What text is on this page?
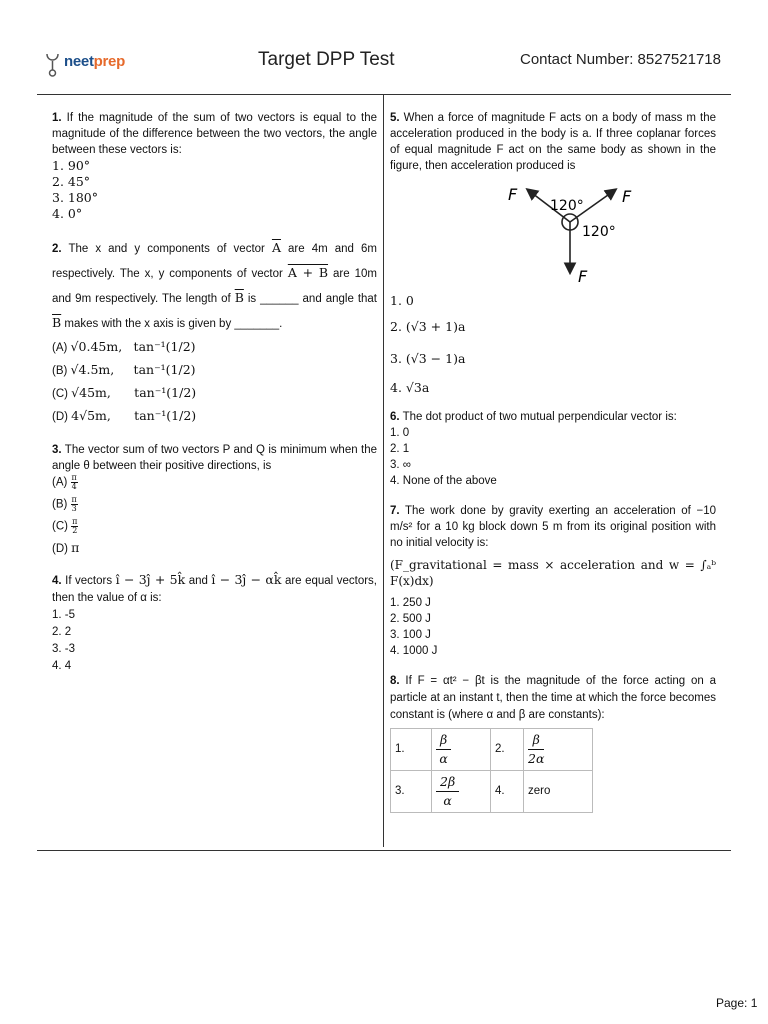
neetprep	Target DPP Test	Contact Number: 8527521718
1. If the magnitude of the sum of two vectors is equal to the magnitude of the difference between the two vectors, the angle between these vectors is:
1. 90°
2. 45°
3. 180°
4. 0°
2. The x and y components of vector $\overline{A}$ are 4m and 6m respectively. The x, y components of vector A + B are 10m and 9m respectively. The length of $\overline{B}$ is ______ and angle that $\overline{B}$ makes with the x axis is given by _______.
(A) √0.45m, tan⁻¹(1/2)
(B) √4.5m, tan⁻¹(1/2)
(C) √45m, tan⁻¹(1/2)
(D) 4√5m, tan⁻¹(1/2)
3. The vector sum of two vectors P and Q is minimum when the angle θ between their positive directions, is
$(A) \frac{\pi}{4}$
$(B) \frac{\pi}{3}$
$(C) \frac{\pi}{2}$
(D) π
4. If vectors î − 3ĵ + 5k̂ and î − 3ĵ − αk̂ are equal vectors, then the value of α is:
1. -5
2. 2
3. -3
4. 4
5. When a force of magnitude F acts on a body of mass m the acceleration produced in the body is a. If three coplanar forces of equal magnitude F act on the same body as shown in the figure, then acceleration produced is
F	F
F
120°
120°
1. 0
2. (√3 + 1)a
3. (√3 − 1)a
4. √3a
6. The dot product of two mutual perpendicular vector is:
1. 0
2. 1
3. ∞
4. None of the above
7. The work done by gravity exerting an acceleration of −10 m/s² for a 10 kg block down 5 m from its original position with no initial velocity is:
(F_gravitational = mass × acceleration and w = ∫ₐᵇ F(x)dx)
1. 250 J
2. 500 J
3. 100 J
4. 1000 J
8. If F = αt² − βt is the magnitude of the force acting on a particle at an instant t, then the time at which the force becomes constant is (where α and β are constants):
1.	$\frac{\beta}{\alpha}$	2.	$\frac{\beta}{2\alpha}$
3.	$\frac{2\beta}{\alpha}$	4.	zero
Page: 1
